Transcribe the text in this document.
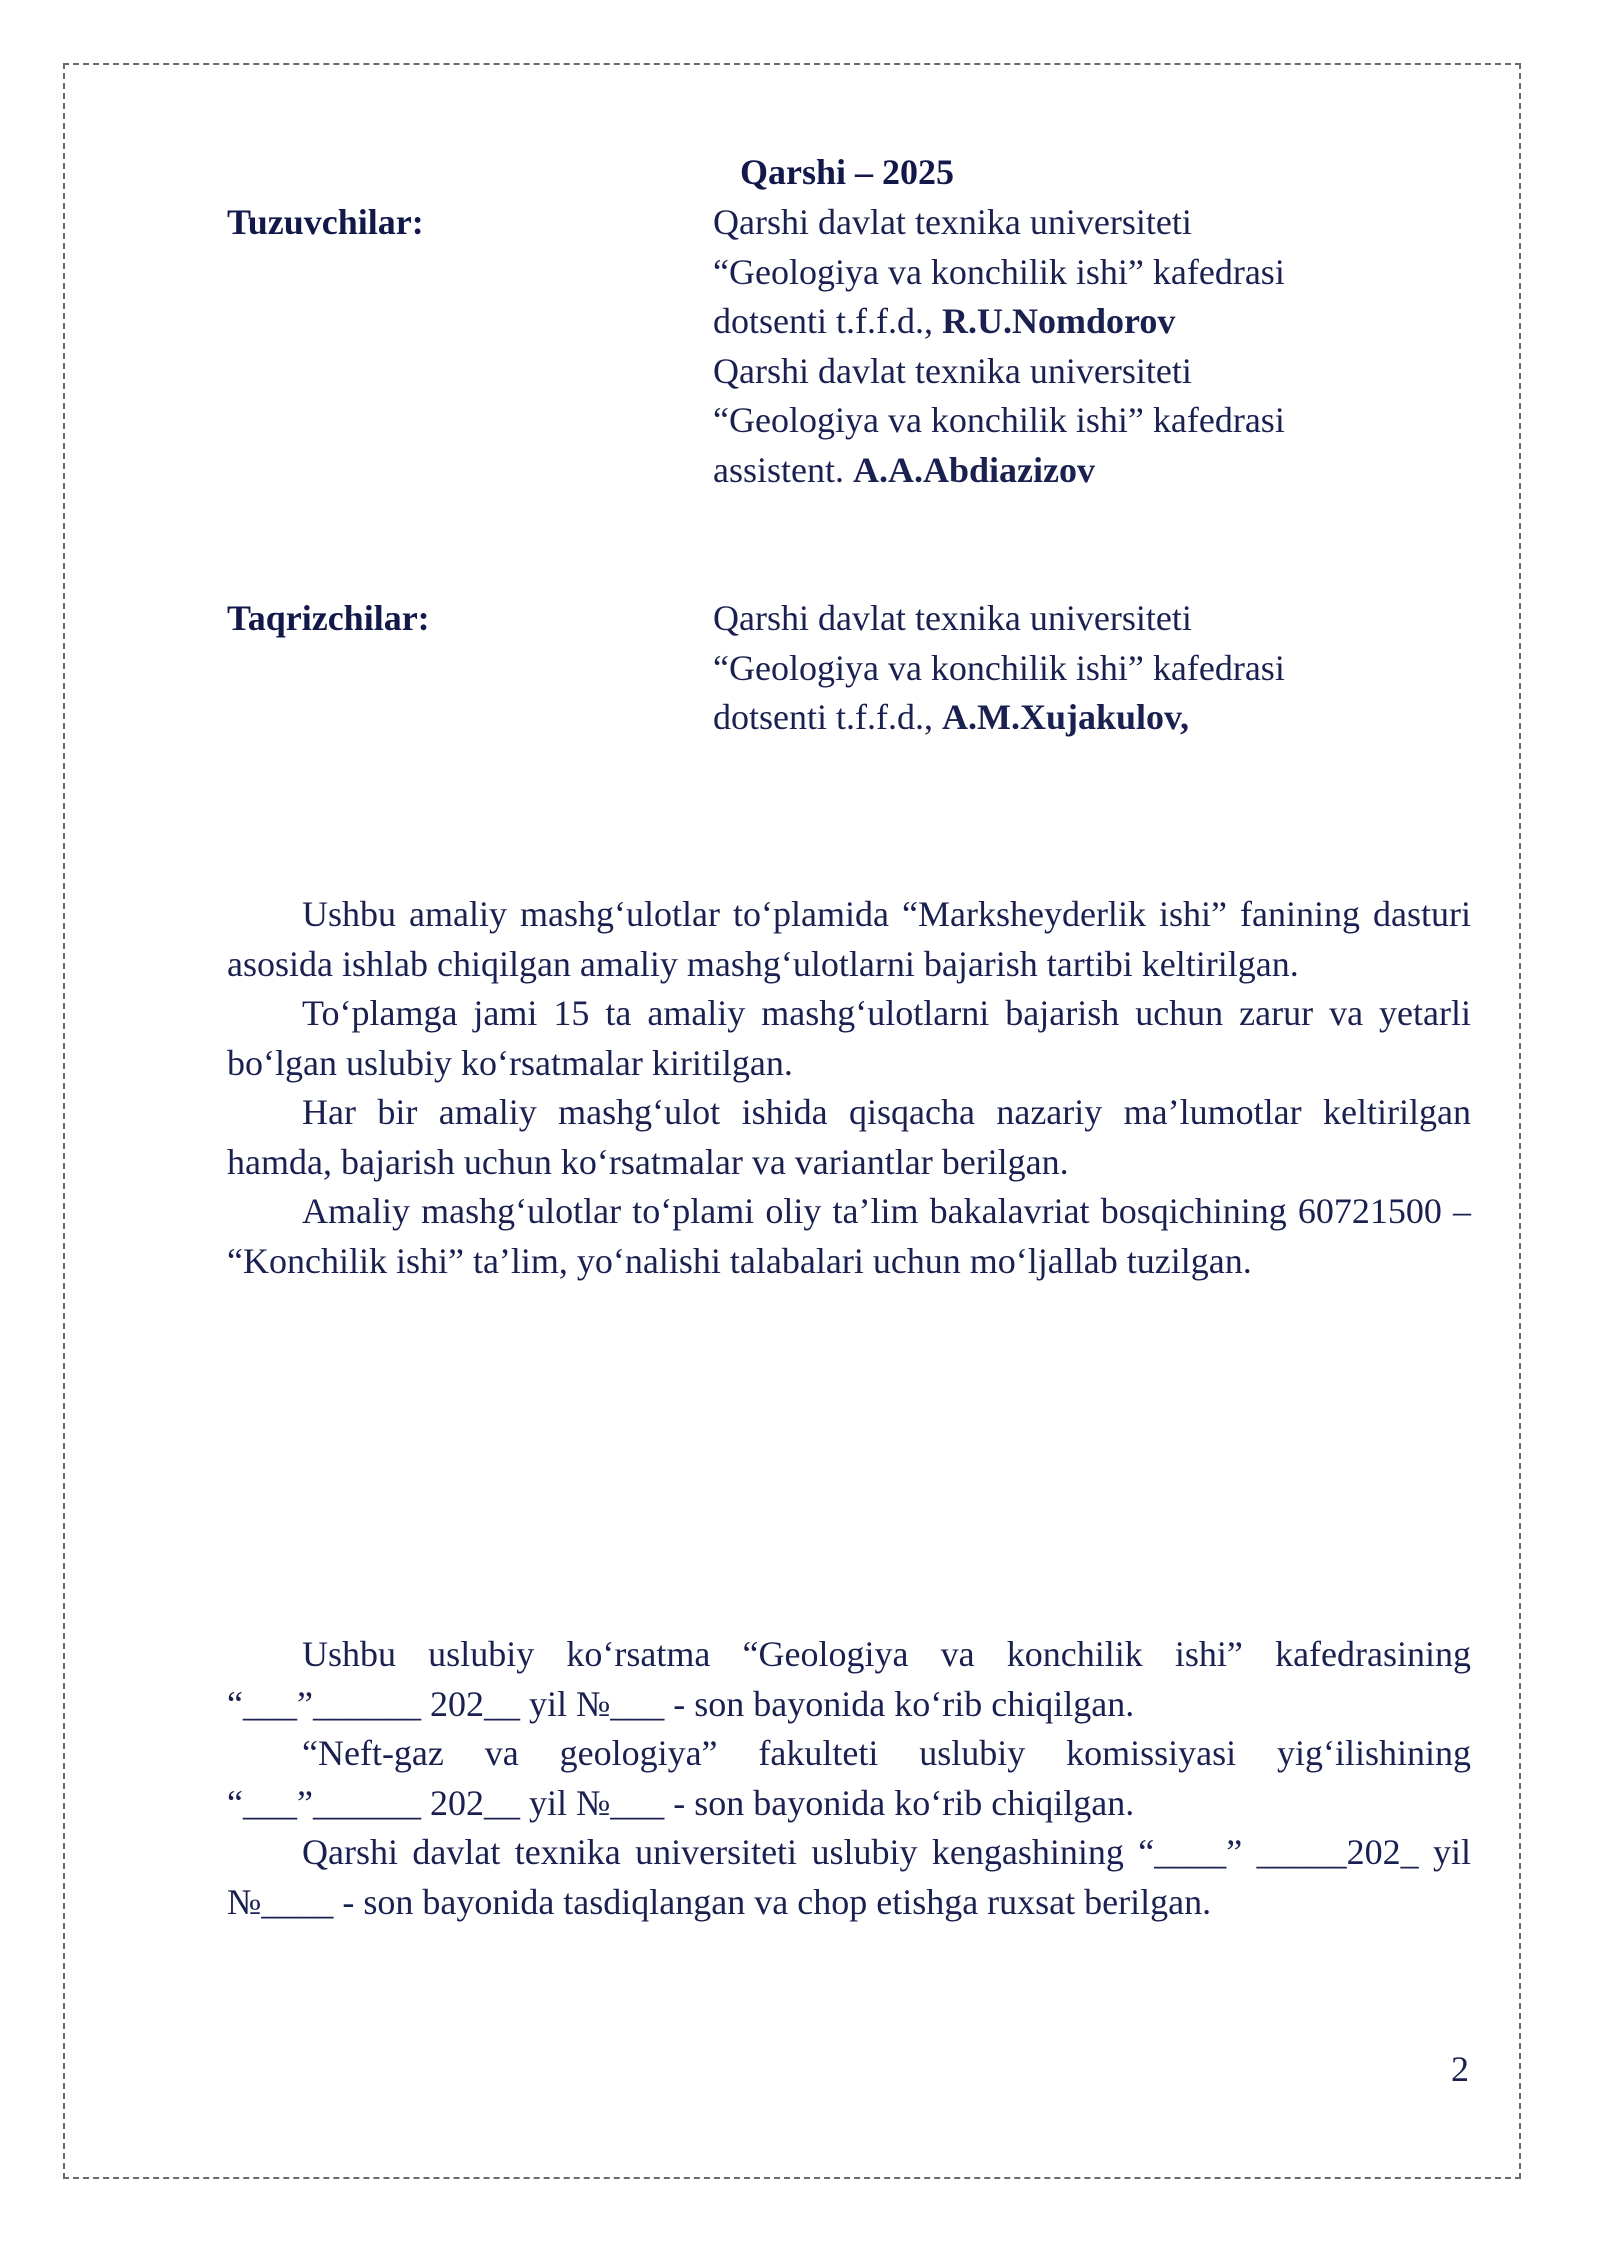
Qarshi – 2025
Tuzuvchilar:	Qarshi davlat texnika universiteti
“Geologiya va konchilik ishi” kafedrasi
dotsenti t.f.f.d., R.U.Nomdorov
Qarshi davlat texnika universiteti
“Geologiya va konchilik ishi” kafedrasi
assistent. A.A.Abdiazizov
Taqrizchilar:	Qarshi davlat texnika universiteti
“Geologiya va konchilik ishi” kafedrasi
dotsenti t.f.f.d., A.M.Xujakulov,

Ushbu amaliy mashg‘ulotlar to‘plamida “Marksheyderlik ishi” fanining dasturi asosida ishlab chiqilgan amaliy mashg‘ulotlarni bajarish tartibi keltirilgan.

To‘plamga jami 15 ta amaliy mashg‘ulotlarni bajarish uchun zarur va yetarli bo‘lgan uslubiy ko‘rsatmalar kiritilgan.

Har bir amaliy mashg‘ulot ishida qisqacha nazariy ma’lumotlar keltirilgan hamda, bajarish uchun ko‘rsatmalar va variantlar berilgan.

Amaliy mashg‘ulotlar to‘plami oliy ta’lim bakalavriat bosqichining 60721500 – “Konchilik ishi” ta’lim, yo‘nalishi talabalari uchun mo‘ljallab tuzilgan.

Ushbu uslubiy ko‘rsatma “Geologiya va konchilik ishi” kafedrasining “___”______ 202__ yil №___ - son bayonida ko‘rib chiqilgan.

“Neft-gaz va geologiya” fakulteti uslubiy komissiyasi yig‘ilishining “___”______ 202__ yil №___ - son bayonida ko‘rib chiqilgan.

Qarshi davlat texnika universiteti uslubiy kengashining “____” _____202_ yil №____ - son bayonida tasdiqlangan va chop etishga ruxsat berilgan.

2
